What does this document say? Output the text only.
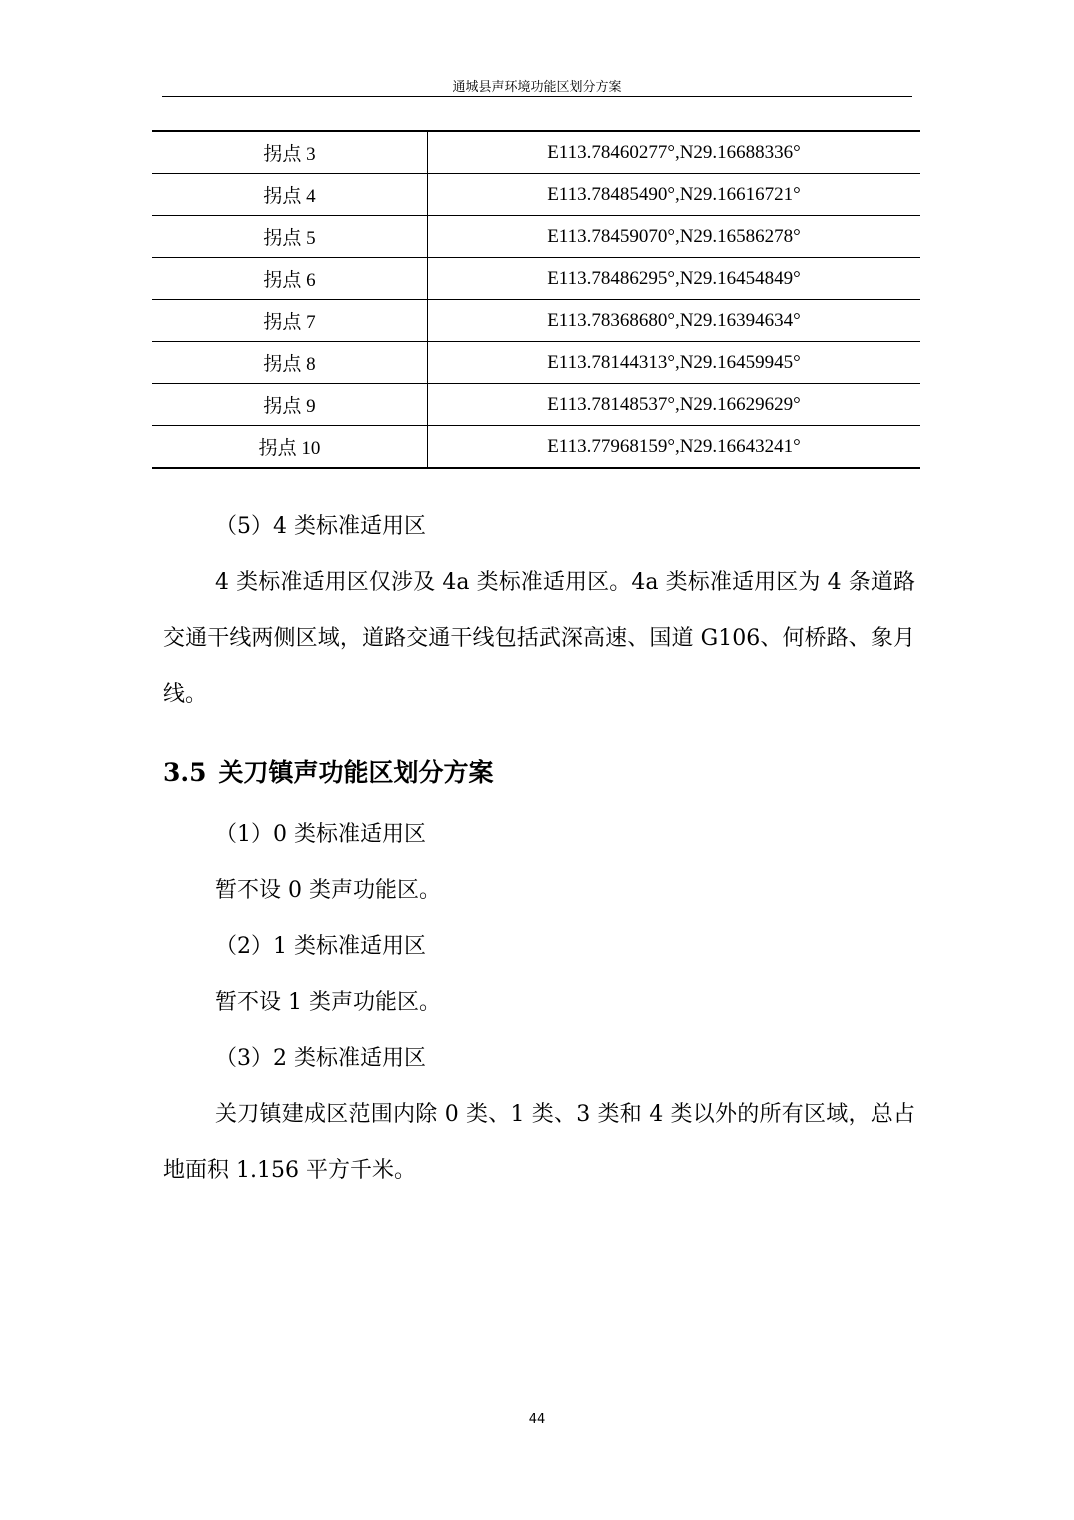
通城县声环境功能区划分方案
拐点 3	E113.78460277°,N29.16688336°
拐点 4	E113.78485490°,N29.16616721°
拐点 5	E113.78459070°,N29.16586278°
拐点 6	E113.78486295°,N29.16454849°
拐点 7	E113.78368680°,N29.16394634°
拐点 8	E113.78144313°,N29.16459945°
拐点 9	E113.78148537°,N29.16629629°
拐点 10	E113.77968159°,N29.16643241°
（5）4 类标准适用区
4 类标准适用区仅涉及 4a 类标准适用区。4a 类标准适用区为 4 条道路交通干线两侧区域，道路交通干线包括武深高速、国道 G106、何桥路、象月线。
3.5 关刀镇声功能区划分方案
（1）0 类标准适用区
暂不设 0 类声功能区。
（2）1 类标准适用区
暂不设 1 类声功能区。
（3）2 类标准适用区
关刀镇建成区范围内除 0 类、1 类、3 类和 4 类以外的所有区域，总占地面积 1.156 平方千米。
44
